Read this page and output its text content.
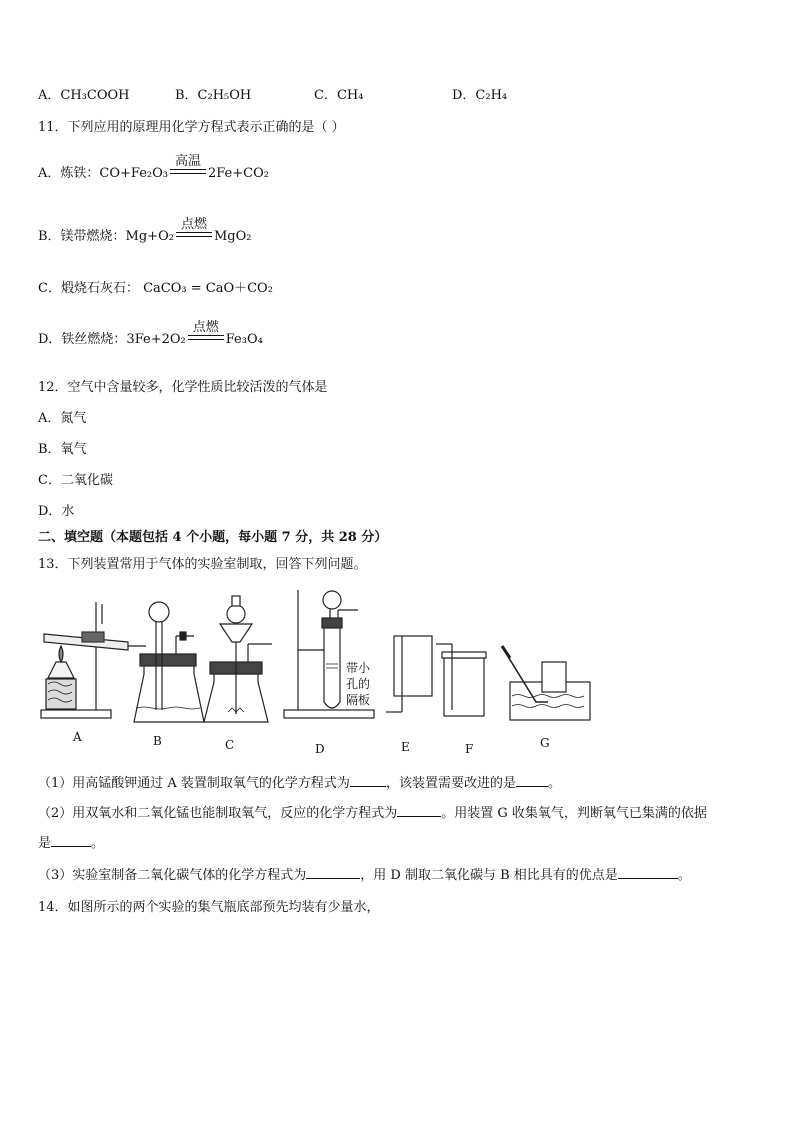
A．CH₃COOH	B．C₂H₅OH	C．CH₄	D．C₂H₄
11．下列应用的原理用化学方程式表示正确的是（ ）
A．炼铁：CO+Fe₂O₃
高温
2Fe+CO₂
B．镁带燃烧：Mg+O₂
点燃
MgO₂
C．煅烧石灰石： CaCO₃ = CaO＋CO₂
D．铁丝燃烧：3Fe+2O₂
点燃
Fe₃O₄
12．空气中含量较多，化学性质比较活泼的气体是
A．氮气
B．氧气
C．二氧化碳
D．水
二、填空题（本题包括 4 个小题，每小题 7 分，共 28 分）
13．下列装置常用于气体的实验室制取，回答下列问题。
带小
孔的
隔板
A	B	C	D	E	F	G
（1）用高锰酸钾通过 A 装置制取氧气的化学方程式为	，该装置需要改进的是 。
（2）用双氧水和二氧化锰也能制取氧气，反应的化学方程式为	。用装置 G 收集氧气，判断氧气已集满的依据
是	。
（3）实验室制备二氧化碳气体的化学方程式为	，用 D 制取二氧化碳与 B 相比具有的优点是	。
14．如图所示的两个实验的集气瓶底部预先均装有少量水，
